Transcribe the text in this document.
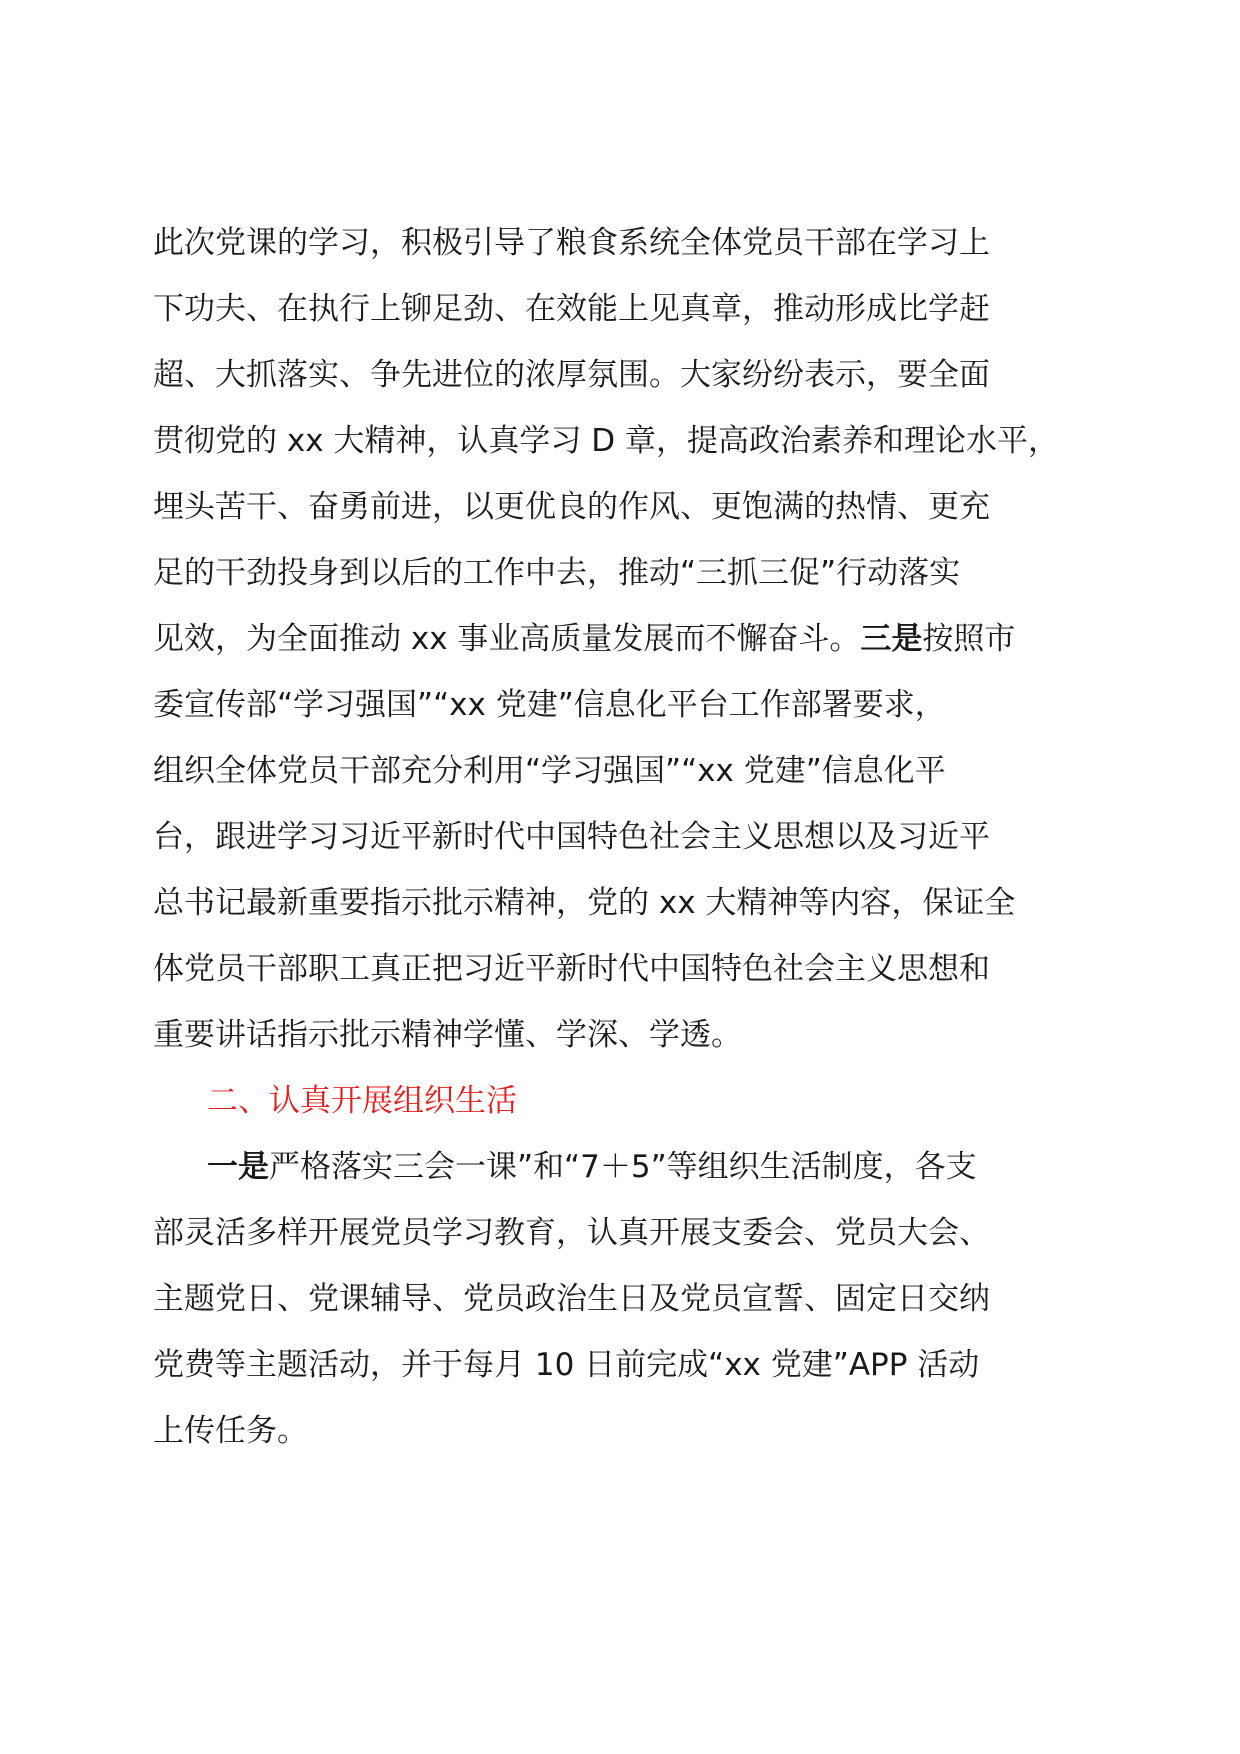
此次党课的学习，积极引导了粮食系统全体党员干部在学习上
下功夫、在执行上铆足劲、在效能上见真章，推动形成比学赶
超、大抓落实、争先进位的浓厚氛围。大家纷纷表示，要全面
贯彻党的 xx 大精神，认真学习 D 章，提高政治素养和理论水平，
埋头苦干、奋勇前进，以更优良的作风、更饱满的热情、更充
足的干劲投身到以后的工作中去，推动“三抓三促”行动落实
见效，为全面推动 xx 事业高质量发展而不懈奋斗。三是按照市
委宣传部“学习强国”“xx 党建”信息化平台工作部署要求，
组织全体党员干部充分利用“学习强国”“xx 党建”信息化平
台，跟进学习习近平新时代中国特色社会主义思想以及习近平
总书记最新重要指示批示精神，党的 xx 大精神等内容，保证全
体党员干部职工真正把习近平新时代中国特色社会主义思想和
重要讲话指示批示精神学懂、学深、学透。
二、认真开展组织生活
一是严格落实三会一课”和“7＋5”等组织生活制度，各支
部灵活多样开展党员学习教育，认真开展支委会、党员大会、
主题党日、党课辅导、党员政治生日及党员宣誓、固定日交纳
党费等主题活动，并于每月 10 日前完成“xx 党建”APP 活动
上传任务。
